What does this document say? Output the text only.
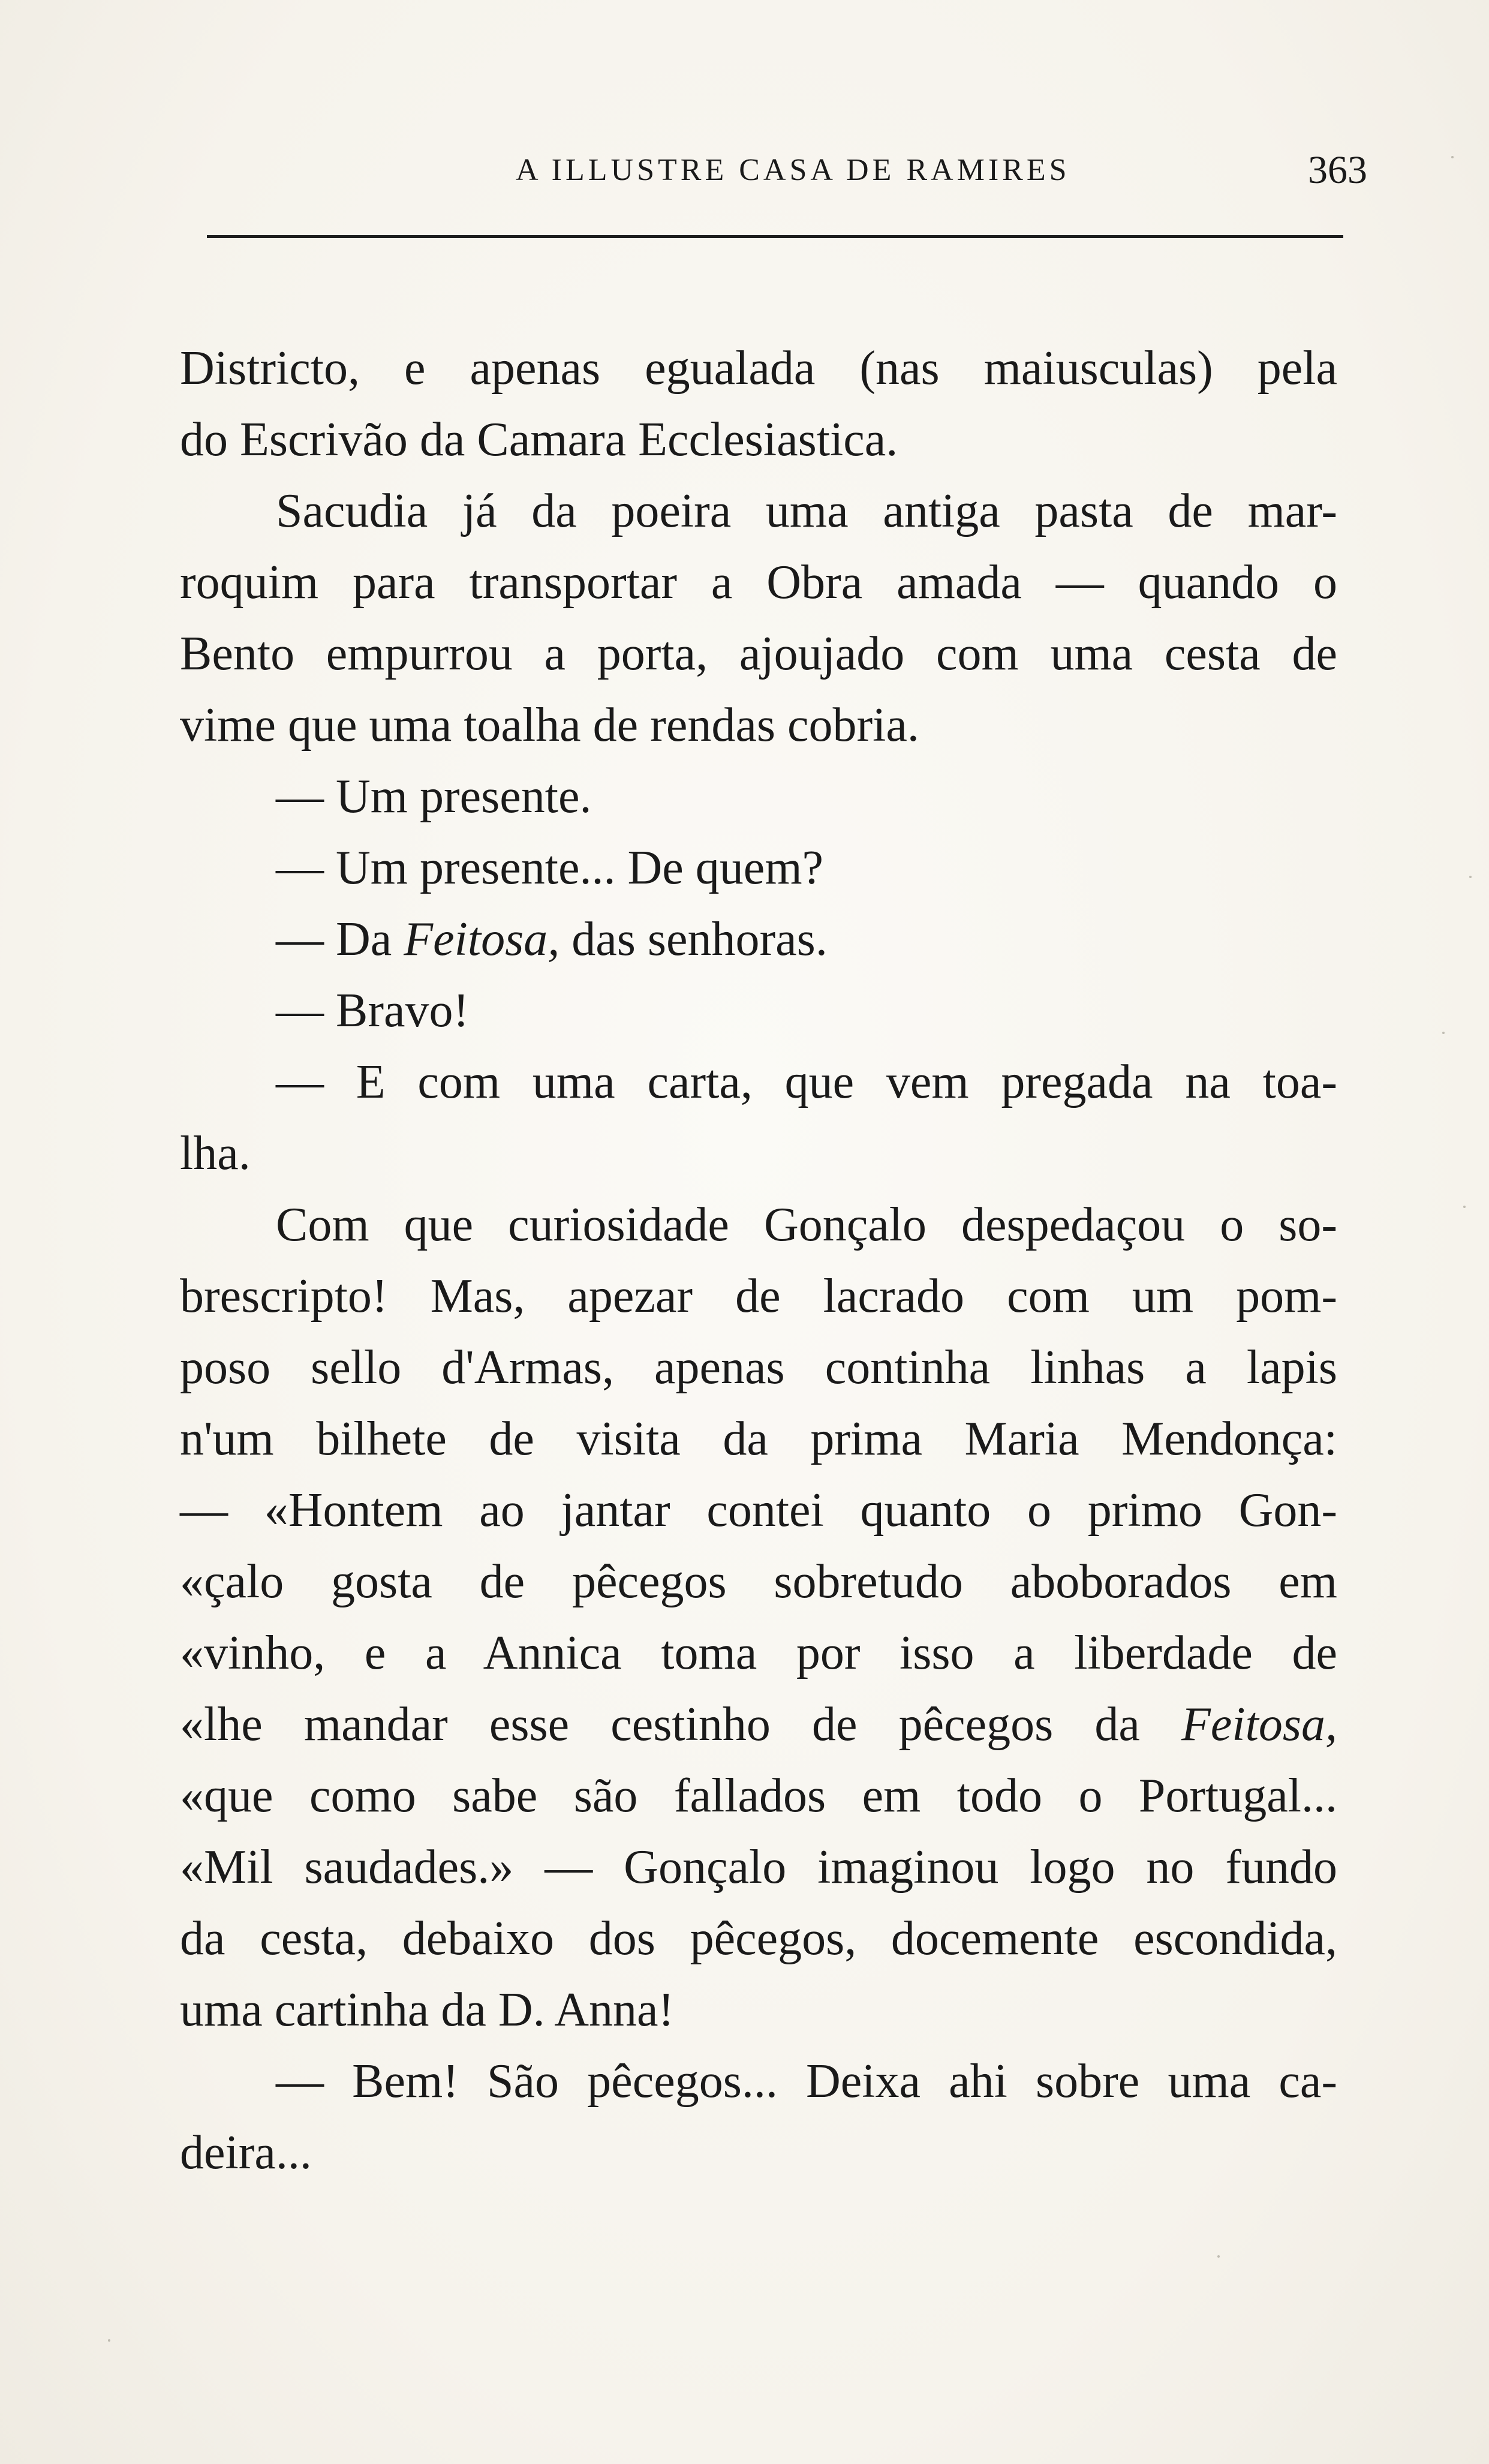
A ILLUSTRE CASA DE RAMIRES	363

Districto, e apenas egualada (nas maiusculas) pela
do Escrivão da Camara Ecclesiastica.

Sacudia já da poeira uma antiga pasta de mar-
roquim para transportar a Obra amada — quando o
Bento empurrou a porta, ajoujado com uma cesta de
vime que uma toalha de rendas cobria.

— Um presente.

— Um presente... De quem?

— Da Feitosa, das senhoras.

— Bravo!

— E com uma carta, que vem pregada na toa-
lha.

Com que curiosidade Gonçalo despedaçou o so-
brescripto! Mas, apezar de lacrado com um pom-
poso sello d'Armas, apenas continha linhas a lapis
n'um bilhete de visita da prima Maria Mendonça:
— «Hontem ao jantar contei quanto o primo Gon-
«çalo gosta de pêcegos sobretudo aboborados em
«vinho, e a Annica toma por isso a liberdade de
«lhe mandar esse cestinho de pêcegos da Feitosa,
«que como sabe são fallados em todo o Portugal...
«Mil saudades.» — Gonçalo imaginou logo no fundo
da cesta, debaixo dos pêcegos, docemente escondida,
uma cartinha da D. Anna!

— Bem! São pêcegos... Deixa ahi sobre uma ca-
deira...
